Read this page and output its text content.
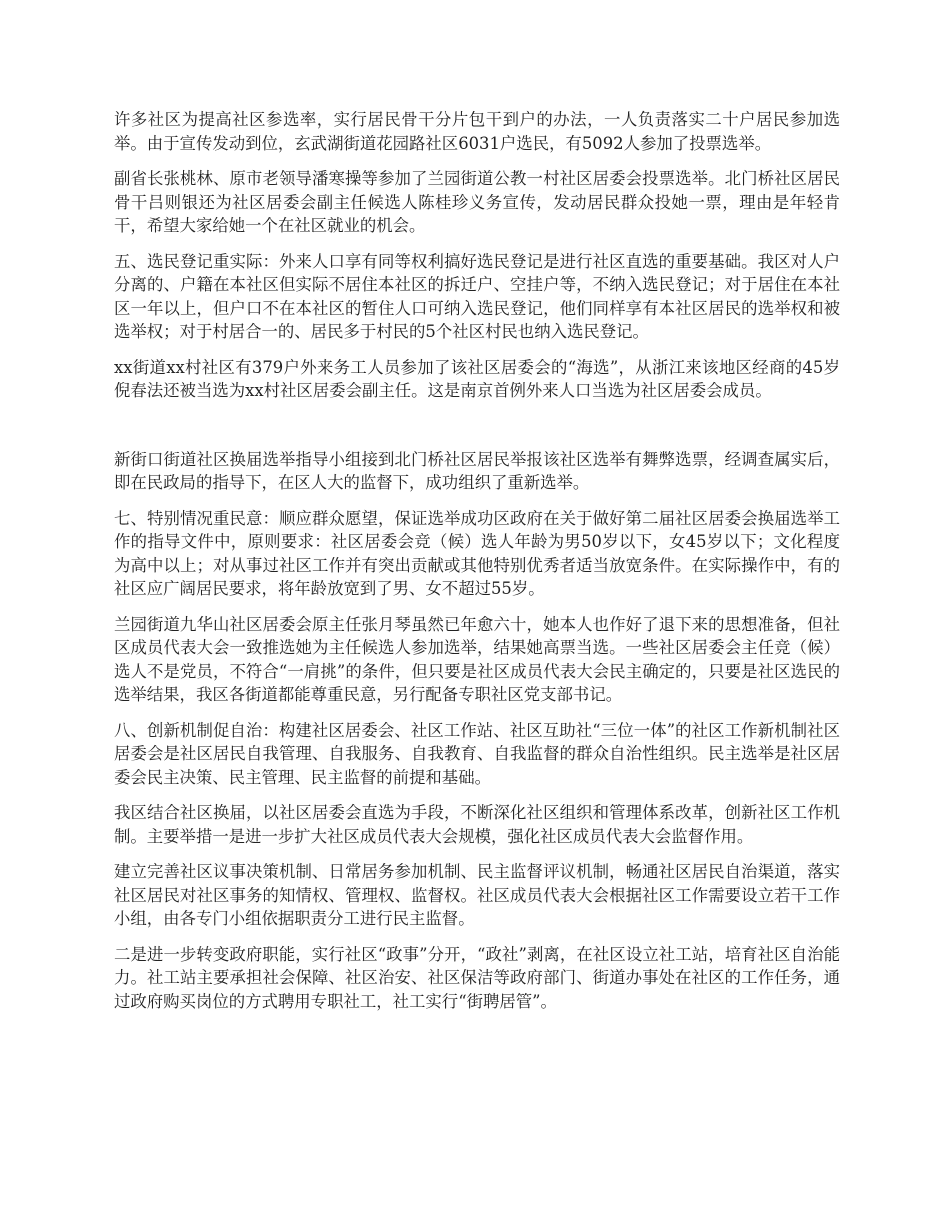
许多社区为提高社区参选率，实行居民骨干分片包干到户的办法，一人负责落实二十户居民参加选举。由于宣传发动到位，玄武湖街道花园路社区6031户选民，有5092人参加了投票选举。

副省长张桃林、原市老领导潘寒操等参加了兰园街道公教一村社区居委会投票选举。北门桥社区居民骨干吕则银还为社区居委会副主任候选人陈桂珍义务宣传，发动居民群众投她一票，理由是年轻肯干，希望大家给她一个在社区就业的机会。

五、选民登记重实际：外来人口享有同等权利搞好选民登记是进行社区直选的重要基础。我区对人户分离的、户籍在本社区但实际不居住本社区的拆迁户、空挂户等，不纳入选民登记；对于居住在本社区一年以上，但户口不在本社区的暂住人口可纳入选民登记，他们同样享有本社区居民的选举权和被选举权；对于村居合一的、居民多于村民的5个社区村民也纳入选民登记。

xx街道xx村社区有379户外来务工人员参加了该社区居委会的“海选”，从浙江来该地区经商的45岁倪春法还被当选为xx村社区居委会副主任。这是南京首例外来人口当选为社区居委会成员。

新街口街道社区换届选举指导小组接到北门桥社区居民举报该社区选举有舞弊选票，经调查属实后，即在民政局的指导下，在区人大的监督下，成功组织了重新选举。

七、特别情况重民意：顺应群众愿望，保证选举成功区政府在关于做好第二届社区居委会换届选举工作的指导文件中，原则要求：社区居委会竞（候）选人年龄为男50岁以下，女45岁以下；文化程度为高中以上；对从事过社区工作并有突出贡献或其他特别优秀者适当放宽条件。在实际操作中，有的社区应广阔居民要求，将年龄放宽到了男、女不超过55岁。

兰园街道九华山社区居委会原主任张月琴虽然已年愈六十，她本人也作好了退下来的思想准备，但社区成员代表大会一致推选她为主任候选人参加选举，结果她高票当选。一些社区居委会主任竞（候）选人不是党员，不符合“一肩挑”的条件，但只要是社区成员代表大会民主确定的，只要是社区选民的选举结果，我区各街道都能尊重民意，另行配备专职社区党支部书记。

八、创新机制促自治：构建社区居委会、社区工作站、社区互助社“三位一体”的社区工作新机制社区居委会是社区居民自我管理、自我服务、自我教育、自我监督的群众自治性组织。民主选举是社区居委会民主决策、民主管理、民主监督的前提和基础。

我区结合社区换届，以社区居委会直选为手段，不断深化社区组织和管理体系改革，创新社区工作机制。主要举措一是进一步扩大社区成员代表大会规模，强化社区成员代表大会监督作用。

建立完善社区议事决策机制、日常居务参加机制、民主监督评议机制，畅通社区居民自治渠道，落实社区居民对社区事务的知情权、管理权、监督权。社区成员代表大会根据社区工作需要设立若干工作小组，由各专门小组依据职责分工进行民主监督。

二是进一步转变政府职能，实行社区“政事”分开，“政社”剥离，在社区设立社工站，培育社区自治能力。社工站主要承担社会保障、社区治安、社区保洁等政府部门、街道办事处在社区的工作任务，通过政府购买岗位的方式聘用专职社工，社工实行“街聘居管”。
